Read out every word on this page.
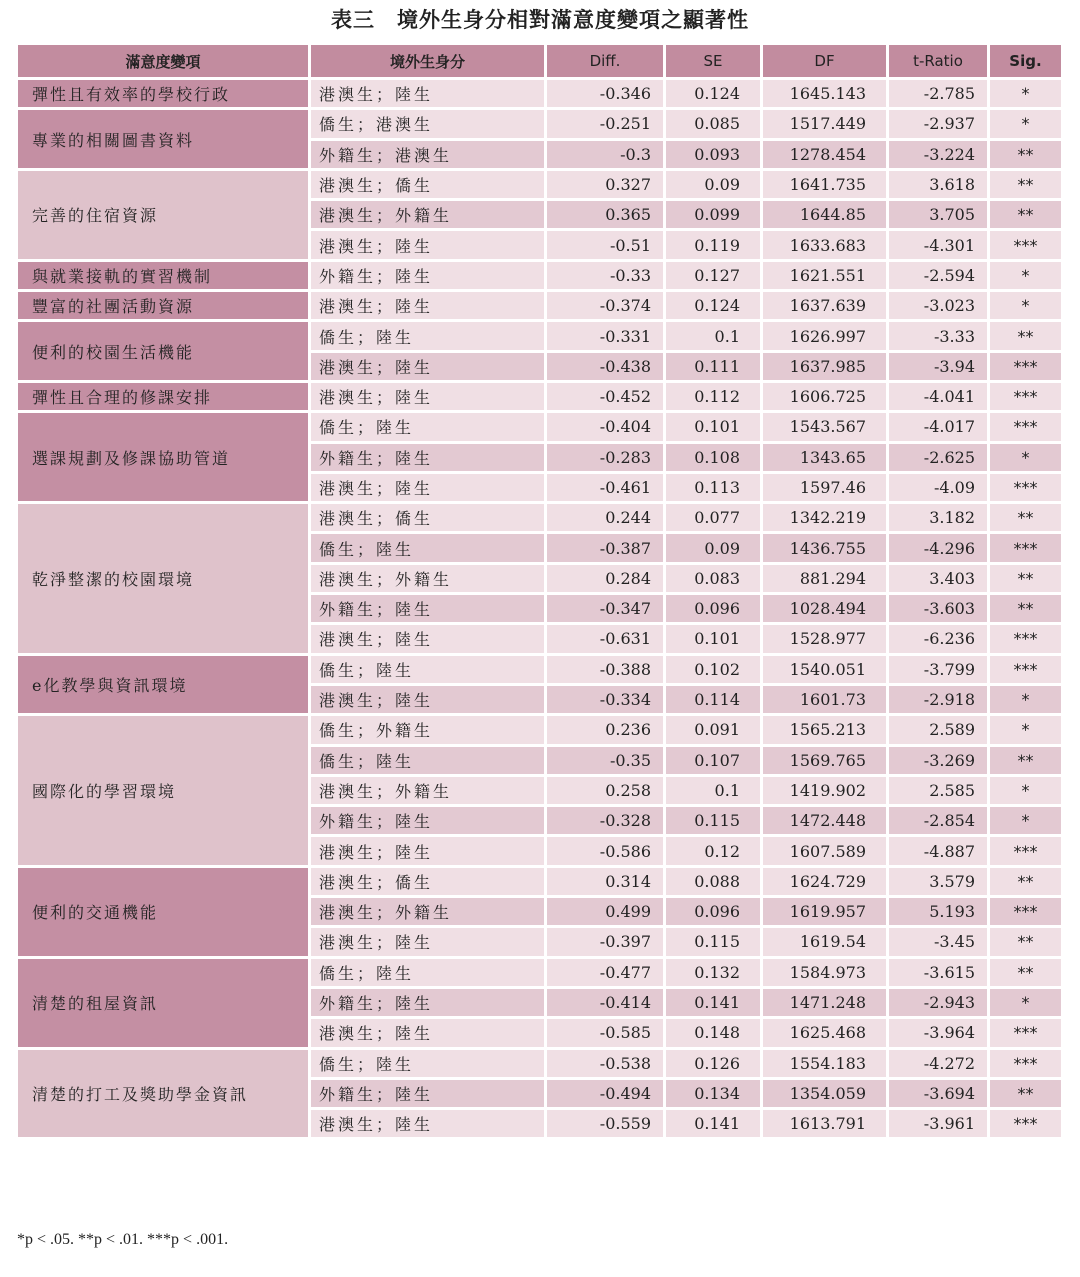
表三　境外生身分相對滿意度變項之顯著性
滿意度變項	境外生身分	Diff.	SE	DF	t-Ratio	Sig.
彈性且有效率的學校行政	港澳生；陸生	-0.346	0.124	1645.143	-2.785	*
專業的相關圖書資料	僑生；港澳生	-0.251	0.085	1517.449	-2.937	*
	外籍生；港澳生	-0.3	0.093	1278.454	-3.224	**
完善的住宿資源	港澳生；僑生	0.327	0.09	1641.735	3.618	**
	港澳生；外籍生	0.365	0.099	1644.85	3.705	**
	港澳生；陸生	-0.51	0.119	1633.683	-4.301	***
與就業接軌的實習機制	外籍生；陸生	-0.33	0.127	1621.551	-2.594	*
豐富的社團活動資源	港澳生；陸生	-0.374	0.124	1637.639	-3.023	*
便利的校園生活機能	僑生；陸生	-0.331	0.1	1626.997	-3.33	**
	港澳生；陸生	-0.438	0.111	1637.985	-3.94	***
彈性且合理的修課安排	港澳生；陸生	-0.452	0.112	1606.725	-4.041	***
選課規劃及修課協助管道	僑生；陸生	-0.404	0.101	1543.567	-4.017	***
	外籍生；陸生	-0.283	0.108	1343.65	-2.625	*
	港澳生；陸生	-0.461	0.113	1597.46	-4.09	***
乾淨整潔的校園環境	港澳生；僑生	0.244	0.077	1342.219	3.182	**
	僑生；陸生	-0.387	0.09	1436.755	-4.296	***
	港澳生；外籍生	0.284	0.083	881.294	3.403	**
	外籍生；陸生	-0.347	0.096	1028.494	-3.603	**
	港澳生；陸生	-0.631	0.101	1528.977	-6.236	***
e化教學與資訊環境	僑生；陸生	-0.388	0.102	1540.051	-3.799	***
	港澳生；陸生	-0.334	0.114	1601.73	-2.918	*
國際化的學習環境	僑生；外籍生	0.236	0.091	1565.213	2.589	*
	僑生；陸生	-0.35	0.107	1569.765	-3.269	**
	港澳生；外籍生	0.258	0.1	1419.902	2.585	*
	外籍生；陸生	-0.328	0.115	1472.448	-2.854	*
	港澳生；陸生	-0.586	0.12	1607.589	-4.887	***
便利的交通機能	港澳生；僑生	0.314	0.088	1624.729	3.579	**
	港澳生；外籍生	0.499	0.096	1619.957	5.193	***
	港澳生；陸生	-0.397	0.115	1619.54	-3.45	**
清楚的租屋資訊	僑生；陸生	-0.477	0.132	1584.973	-3.615	**
	外籍生；陸生	-0.414	0.141	1471.248	-2.943	*
	港澳生；陸生	-0.585	0.148	1625.468	-3.964	***
清楚的打工及獎助學金資訊	僑生；陸生	-0.538	0.126	1554.183	-4.272	***
	外籍生；陸生	-0.494	0.134	1354.059	-3.694	**
	港澳生；陸生	-0.559	0.141	1613.791	-3.961	***
*p < .05. **p < .01. ***p < .001.
